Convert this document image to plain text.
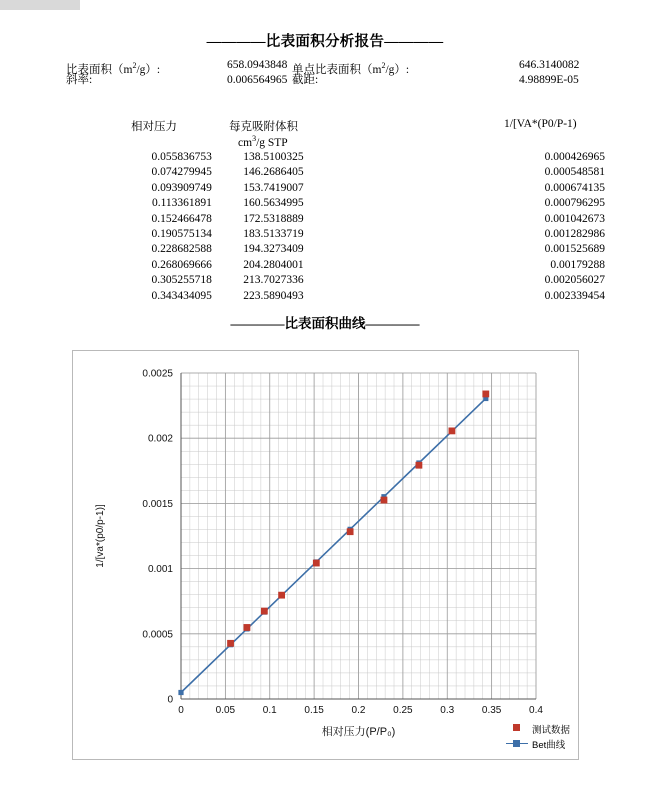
————比表面积分析报告————
比表面积$(m^2/g)$:	658.0943848 单点比表面积$(m^2/g)$:	646.3140082
斜率:	0.006564965 截距:	4.98899E-05
相对压力	每克吸附体积
$cm^3/g$ STP
1/[VA*(P0/P-1)
0.055836753	138.5100325	0.000426965
0.074279945	146.2686405	0.000548581
0.093909749	153.7419007	0.000674135
0.113361891	160.5634995	0.000796295
0.152466478	172.5318889	0.001042673
0.190575134	183.5133719	0.001282986
0.228682588	194.3273409	0.001525689
0.268069666	204.2804001	0.00179288
0.305255718	213.7027336	0.002056027
0.343434095	223.5890493	0.002339454
————比表面积曲线————
0	0.05	0.1	0.15	0.2	0.25	0.3	0.35	0.4
0
0.0005
0.001
0.0015
0.002
0.0025
相对压力(P/P₀)
1/[va*(p0/p-1)]
测试数据
Bet曲线
